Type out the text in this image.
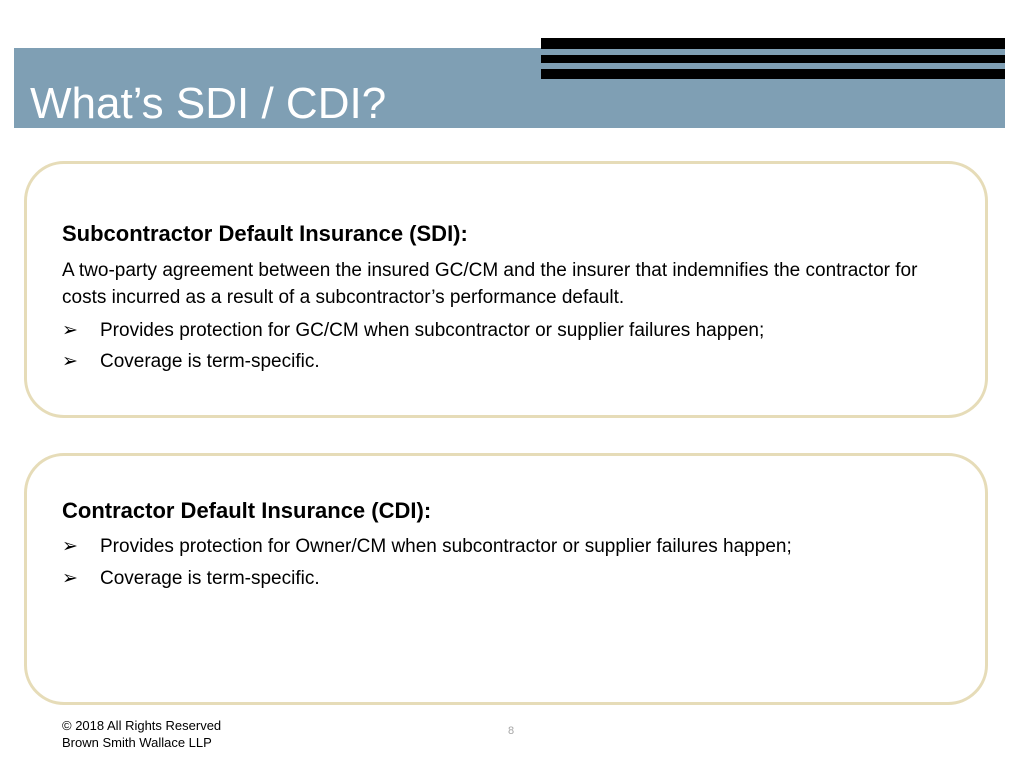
What’s SDI / CDI?
Subcontractor Default Insurance (SDI):
A two-party agreement between the insured GC/CM and the insurer that indemnifies the contractor for costs incurred as a result of a subcontractor’s performance default.
➢ Provides protection for GC/CM when subcontractor or supplier failures happen;
➢ Coverage is term-specific.
Contractor Default Insurance (CDI):
➢ Provides protection for Owner/CM when subcontractor or supplier failures happen;
➢ Coverage is term-specific.
© 2018 All Rights Reserved
Brown Smith Wallace LLP
8
